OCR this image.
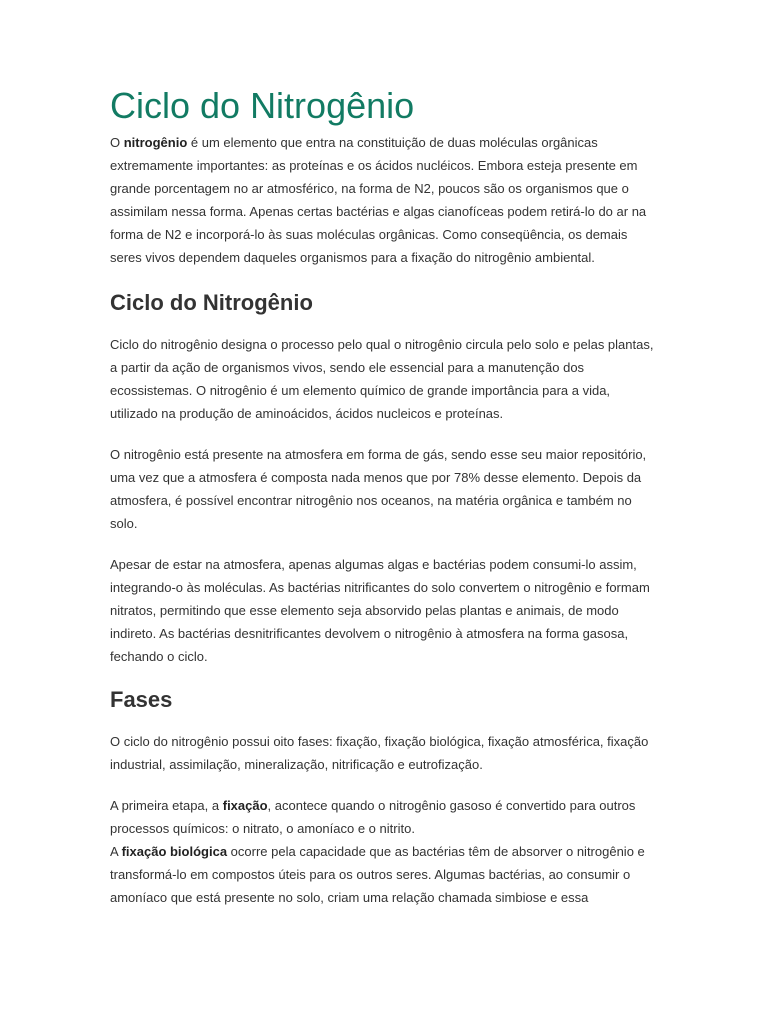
Ciclo do Nitrogênio

O nitrogênio é um elemento que entra na constituição de duas moléculas orgânicas extremamente importantes: as proteínas e os ácidos nucléicos. Embora esteja presente em grande porcentagem no ar atmosférico, na forma de N2, poucos são os organismos que o assimilam nessa forma. Apenas certas bactérias e algas cianofíceas podem retirá-lo do ar na forma de N2 e incorporá-lo às suas moléculas orgânicas. Como conseqüência, os demais seres vivos dependem daqueles organismos para a fixação do nitrogênio ambiental.

Ciclo do Nitrogênio

Ciclo do nitrogênio designa o processo pelo qual o nitrogênio circula pelo solo e pelas plantas, a partir da ação de organismos vivos, sendo ele essencial para a manutenção dos ecossistemas. O nitrogênio é um elemento químico de grande importância para a vida, utilizado na produção de aminoácidos, ácidos nucleicos e proteínas.

O nitrogênio está presente na atmosfera em forma de gás, sendo esse seu maior repositório, uma vez que a atmosfera é composta nada menos que por 78% desse elemento. Depois da atmosfera, é possível encontrar nitrogênio nos oceanos, na matéria orgânica e também no solo.

Apesar de estar na atmosfera, apenas algumas algas e bactérias podem consumi-lo assim, integrando-o às moléculas. As bactérias nitrificantes do solo convertem o nitrogênio e formam nitratos, permitindo que esse elemento seja absorvido pelas plantas e animais, de modo indireto. As bactérias desnitrificantes devolvem o nitrogênio à atmosfera na forma gasosa, fechando o ciclo.

Fases

O ciclo do nitrogênio possui oito fases: fixação, fixação biológica, fixação atmosférica, fixação industrial, assimilação, mineralização, nitrificação e eutrofização.

A primeira etapa, a fixação, acontece quando o nitrogênio gasoso é convertido para outros processos químicos: o nitrato, o amoníaco e o nitrito.

A fixação biológica ocorre pela capacidade que as bactérias têm de absorver o nitrogênio e transformá-lo em compostos úteis para os outros seres. Algumas bactérias, ao consumir o amoníaco que está presente no solo, criam uma relação chamada simbiose e essa
